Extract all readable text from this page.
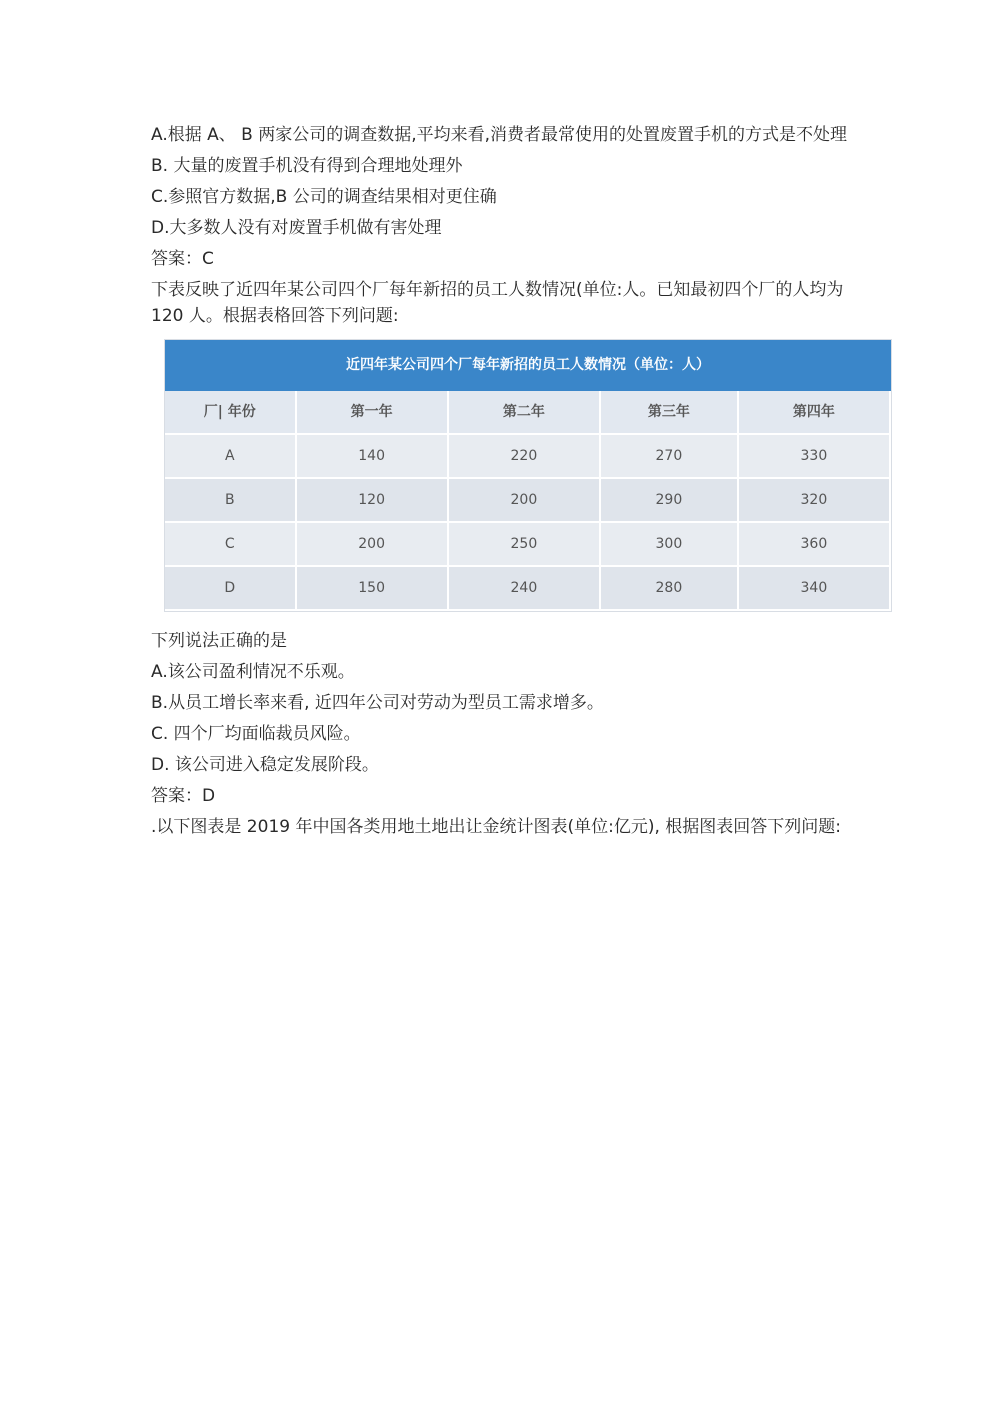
A.根据 A、 B 两家公司的调查数据,平均来看,消费者最常使用的处置废置手机的方式是不处理

B. 大量的废置手机没有得到合理地处理外

C.参照官方数据,B 公司的调查结果相对更住确

D.大多数人没有对废置手机做有害处理

答案：C

下表反映了近四年某公司四个厂每年新招的员工人数情况(单位:人。已知最初四个厂的人均为 120 人。根据表格回答下列问题:

近四年某公司四个厂每年新招的员工人数情况（单位：人）
厂| 年份	第一年	第二年	第三年	第四年
A	140	220	270	330
B	120	200	290	320
C	200	250	300	360
D	150	240	280	340

下列说法正确的是

A.该公司盈利情况不乐观。

B.从员工增长率来看, 近四年公司对劳动为型员工需求增多。

C. 四个厂均面临裁员风险。

D. 该公司进入稳定发展阶段。

答案：D

.以下图表是 2019 年中国各类用地土地出让金统计图表(单位:亿元), 根据图表回答下列问题:
